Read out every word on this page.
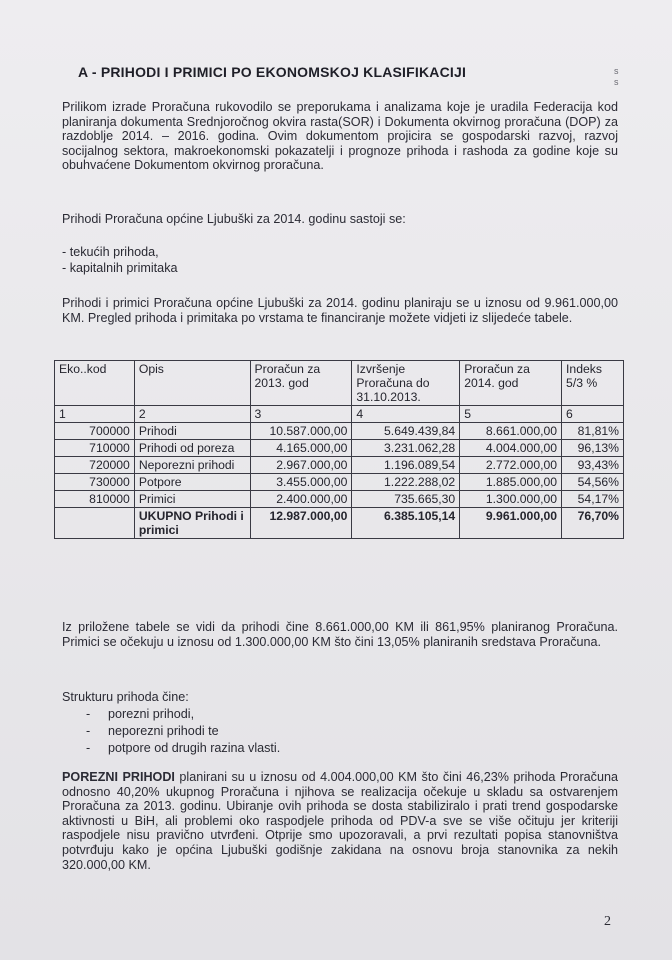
s
s
A - PRIHODI I PRIMICI PO EKONOMSKOJ KLASIFIKACIJI
Prilikom izrade Proračuna rukovodilo se preporukama i analizama koje je uradila Federacija kod planiranja dokumenta Srednjoročnog okvira rasta(SOR) i Dokumenta okvirnog proračuna (DOP) za razdoblje 2014. – 2016. godina. Ovim dokumentom projicira se gospodarski razvoj, razvoj socijalnog sektora, makroekonomski pokazatelji i prognoze prihoda i rashoda za godine koje su obuhvaćene Dokumentom okvirnog proračuna.
Prihodi Proračuna općine Ljubuški za 2014. godinu sastoji se:
- tekućih prihoda,
- kapitalnih primitaka
Prihodi i primici Proračuna općine Ljubuški za 2014. godinu planiraju se u iznosu od 9.961.000,00 KM. Pregled prihoda i primitaka po vrstama te financiranje možete vidjeti iz slijedeće tabele.
Eko..kod	Opis	Proračun za 2013. god	Izvršenje Proračuna do 31.10.2013.	Proračun za 2014. god	Indeks 5/3 %
1	2	3	4	5	6
700000	Prihodi	10.587.000,00	5.649.439,84	8.661.000,00	81,81%
710000	Prihodi od poreza	4.165.000,00	3.231.062,28	4.004.000,00	96,13%
720000	Neporezni prihodi	2.967.000,00	1.196.089,54	2.772.000,00	93,43%
730000	Potpore	3.455.000,00	1.222.288,02	1.885.000,00	54,56%
810000	Primici	2.400.000,00	735.665,30	1.300.000,00	54,17%
	UKUPNO Prihodi i primici	12.987.000,00	6.385.105,14	9.961.000,00	76,70%
Iz priložene tabele se vidi da prihodi čine 8.661.000,00 KM ili 861,95% planiranog Proračuna. Primici se očekuju u iznosu od 1.300.000,00 KM što čini 13,05% planiranih sredstava Proračuna.
Strukturu prihoda čine:
- porezni prihodi,
- neporezni prihodi te
- potpore od drugih razina vlasti.
POREZNI PRIHODI planirani su u iznosu od 4.004.000,00 KM što čini 46,23% prihoda Proračuna odnosno 40,20% ukupnog Proračuna i njihova se realizacija očekuje u skladu sa ostvarenjem Proračuna za 2013. godinu. Ubiranje ovih prihoda se dosta stabiliziralo i prati trend gospodarske aktivnosti u BiH, ali problemi oko raspodjele prihoda od PDV-a sve se više očituju jer kriteriji raspodjele nisu pravično utvrđeni. Otprije smo upozoravali, a prvi rezultati popisa stanovništva potvrđuju kako je općina Ljubuški godišnje zakidana na osnovu broja stanovnika za nekih 320.000,00 KM.
2
